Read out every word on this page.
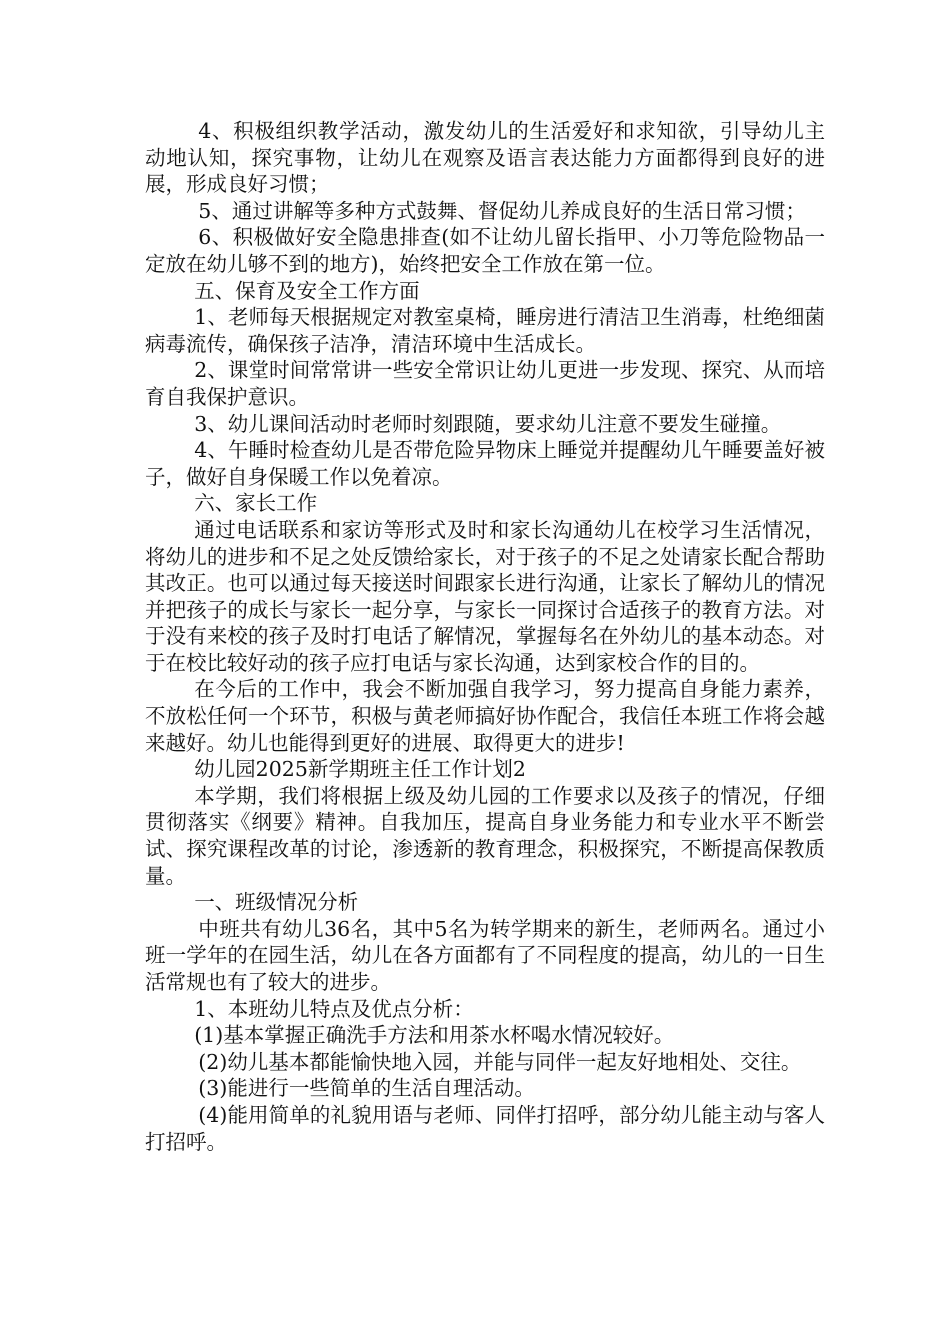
4、积极组织教学活动，激发幼儿的生活爱好和求知欲，引导幼儿主动地认知，探究事物，让幼儿在观察及语言表达能力方面都得到良好的进展，形成良好习惯；

5、通过讲解等多种方式鼓舞、督促幼儿养成良好的生活日常习惯；

6、积极做好安全隐患排查(如不让幼儿留长指甲、小刀等危险物品一定放在幼儿够不到的地方)，始终把安全工作放在第一位。

五、保育及安全工作方面

1、老师每天根据规定对教室桌椅，睡房进行清洁卫生消毒，杜绝细菌病毒流传，确保孩子洁净，清洁环境中生活成长。

2、课堂时间常常讲一些安全常识让幼儿更进一步发现、探究、从而培育自我保护意识。

3、幼儿课间活动时老师时刻跟随，要求幼儿注意不要发生碰撞。

4、午睡时检查幼儿是否带危险异物床上睡觉并提醒幼儿午睡要盖好被子，做好自身保暖工作以免着凉。

六、家长工作

通过电话联系和家访等形式及时和家长沟通幼儿在校学习生活情况，将幼儿的进步和不足之处反馈给家长，对于孩子的不足之处请家长配合帮助其改正。也可以通过每天接送时间跟家长进行沟通，让家长了解幼儿的情况并把孩子的成长与家长一起分享，与家长一同探讨合适孩子的教育方法。对于没有来校的孩子及时打电话了解情况，掌握每名在外幼儿的基本动态。对于在校比较好动的孩子应打电话与家长沟通，达到家校合作的目的。

在今后的工作中，我会不断加强自我学习，努力提高自身能力素养，不放松任何一个环节，积极与黄老师搞好协作配合，我信任本班工作将会越来越好。幼儿也能得到更好的进展、取得更大的进步!

幼儿园2025新学期班主任工作计划2

本学期，我们将根据上级及幼儿园的工作要求以及孩子的情况，仔细贯彻落实《纲要》精神。自我加压，提高自身业务能力和专业水平不断尝试、探究课程改革的讨论，渗透新的教育理念，积极探究，不断提高保教质量。

一、班级情况分析

中班共有幼儿36名，其中5名为转学期来的新生，老师两名。通过小班一学年的在园生活，幼儿在各方面都有了不同程度的提高，幼儿的一日生活常规也有了较大的进步。

1、本班幼儿特点及优点分析：

(1)基本掌握正确洗手方法和用茶水杯喝水情况较好。

(2)幼儿基本都能愉快地入园，并能与同伴一起友好地相处、交往。

(3)能进行一些简单的生活自理活动。

(4)能用简单的礼貌用语与老师、同伴打招呼，部分幼儿能主动与客人打招呼。
